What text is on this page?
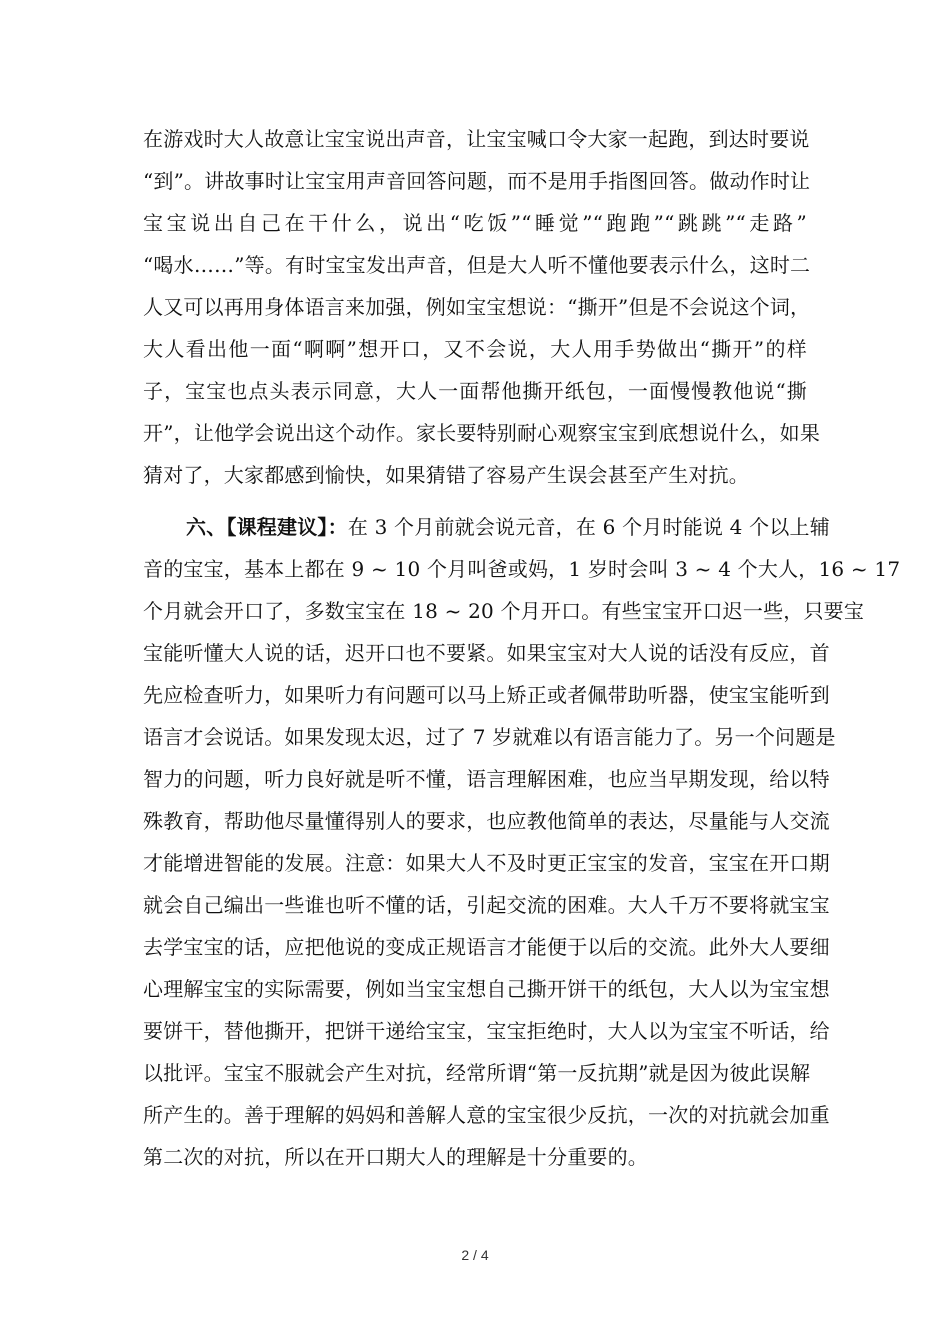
在游戏时大人故意让宝宝说出声音，让宝宝喊口令大家一起跑，到达时要说
“到”。讲故事时让宝宝用声音回答问题，而不是用手指图回答。做动作时让
宝宝说出自己在干什么，说出“吃饭”“睡觉”“跑跑”“跳跳”“走路”
“喝水……”等。有时宝宝发出声音，但是大人听不懂他要表示什么，这时二
人又可以再用身体语言来加强，例如宝宝想说：“撕开”但是不会说这个词，
大人看出他一面“啊啊”想开口，又不会说，大人用手势做出“撕开”的样
子，宝宝也点头表示同意，大人一面帮他撕开纸包，一面慢慢教他说“撕
开”，让他学会说出这个动作。家长要特别耐心观察宝宝到底想说什么，如果
猜对了，大家都感到愉快，如果猜错了容易产生误会甚至产生对抗。
六、【课程建议】：在 3 个月前就会说元音，在 6 个月时能说 4 个以上辅
音的宝宝，基本上都在 9 ~ 10 个月叫爸或妈，1 岁时会叫 3 ~ 4 个大人，16 ~ 17
个月就会开口了，多数宝宝在 18 ~ 20 个月开口。有些宝宝开口迟一些，只要宝
宝能听懂大人说的话，迟开口也不要紧。如果宝宝对大人说的话没有反应，首
先应检查听力，如果听力有问题可以马上矫正或者佩带助听器，使宝宝能听到
语言才会说话。如果发现太迟，过了 7 岁就难以有语言能力了。另一个问题是
智力的问题，听力良好就是听不懂，语言理解困难，也应当早期发现，给以特
殊教育，帮助他尽量懂得别人的要求，也应教他简单的表达，尽量能与人交流
才能增进智能的发展。注意：如果大人不及时更正宝宝的发音，宝宝在开口期
就会自己编出一些谁也听不懂的话，引起交流的困难。大人千万不要将就宝宝
去学宝宝的话，应把他说的变成正规语言才能便于以后的交流。此外大人要细
心理解宝宝的实际需要，例如当宝宝想自己撕开饼干的纸包，大人以为宝宝想
要饼干，替他撕开，把饼干递给宝宝，宝宝拒绝时，大人以为宝宝不听话，给
以批评。宝宝不服就会产生对抗，经常所谓“第一反抗期”就是因为彼此误解
所产生的。善于理解的妈妈和善解人意的宝宝很少反抗，一次的对抗就会加重
第二次的对抗，所以在开口期大人的理解是十分重要的。
2 / 4
